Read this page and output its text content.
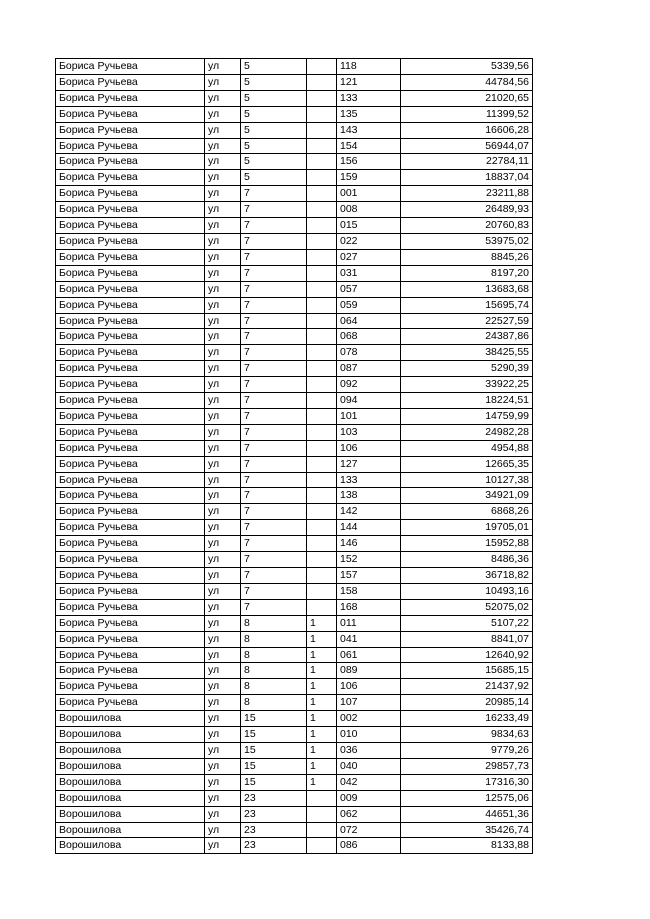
Бориса Ручьева	ул	5		118	5339,56
Бориса Ручьева	ул	5		121	44784,56
Бориса Ручьева	ул	5		133	21020,65
Бориса Ручьева	ул	5		135	11399,52
Бориса Ручьева	ул	5		143	16606,28
Бориса Ручьева	ул	5		154	56944,07
Бориса Ручьева	ул	5		156	22784,11
Бориса Ручьева	ул	5		159	18837,04
Бориса Ручьева	ул	7		001	23211,88
Бориса Ручьева	ул	7		008	26489,93
Бориса Ручьева	ул	7		015	20760,83
Бориса Ручьева	ул	7		022	53975,02
Бориса Ручьева	ул	7		027	8845,26
Бориса Ручьева	ул	7		031	8197,20
Бориса Ручьева	ул	7		057	13683,68
Бориса Ручьева	ул	7		059	15695,74
Бориса Ручьева	ул	7		064	22527,59
Бориса Ручьева	ул	7		068	24387,86
Бориса Ручьева	ул	7		078	38425,55
Бориса Ручьева	ул	7		087	5290,39
Бориса Ручьева	ул	7		092	33922,25
Бориса Ручьева	ул	7		094	18224,51
Бориса Ручьева	ул	7		101	14759,99
Бориса Ручьева	ул	7		103	24982,28
Бориса Ручьева	ул	7		106	4954,88
Бориса Ручьева	ул	7		127	12665,35
Бориса Ручьева	ул	7		133	10127,38
Бориса Ручьева	ул	7		138	34921,09
Бориса Ручьева	ул	7		142	6868,26
Бориса Ручьева	ул	7		144	19705,01
Бориса Ручьева	ул	7		146	15952,88
Бориса Ручьева	ул	7		152	8486,36
Бориса Ручьева	ул	7		157	36718,82
Бориса Ручьева	ул	7		158	10493,16
Бориса Ручьева	ул	7		168	52075,02
Бориса Ручьева	ул	8	1	011	5107,22
Бориса Ручьева	ул	8	1	041	8841,07
Бориса Ручьева	ул	8	1	061	12640,92
Бориса Ручьева	ул	8	1	089	15685,15
Бориса Ручьева	ул	8	1	106	21437,92
Бориса Ручьева	ул	8	1	107	20985,14
Ворошилова	ул	15	1	002	16233,49
Ворошилова	ул	15	1	010	9834,63
Ворошилова	ул	15	1	036	9779,26
Ворошилова	ул	15	1	040	29857,73
Ворошилова	ул	15	1	042	17316,30
Ворошилова	ул	23		009	12575,06
Ворошилова	ул	23		062	44651,36
Ворошилова	ул	23		072	35426,74
Ворошилова	ул	23		086	8133,88
